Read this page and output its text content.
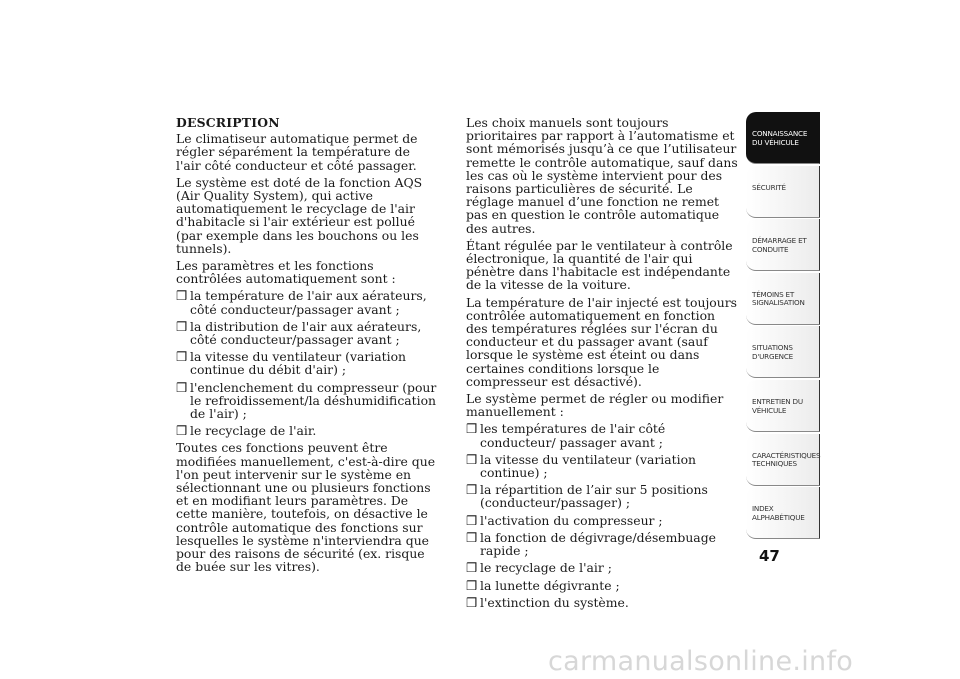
DESCRIPTION

Le climatiseur automatique permet de régler séparément la température de l'air côté conducteur et côté passager.

Le système est doté de la fonction AQS (Air Quality System), qui active automatiquement le recyclage de l'air d'habitacle si l'air extérieur est pollué (par exemple dans les bouchons ou les tunnels).

Les paramètres et les fonctions contrôlées automatiquement sont :

❒ la température de l'air aux aérateurs, côté conducteur/passager avant ;
❒ la distribution de l'air aux aérateurs, côté conducteur/passager avant ;
❒ la vitesse du ventilateur (variation continue du débit d'air) ;
❒ l'enclenchement du compresseur (pour le refroidissement/la déshumidification de l'air) ;
❒ le recyclage de l'air.

Toutes ces fonctions peuvent être modifiées manuellement, c'est-à-dire que l'on peut intervenir sur le système en sélectionnant une ou plusieurs fonctions et en modifiant leurs paramètres. De cette manière, toutefois, on désactive le contrôle automatique des fonctions sur lesquelles le système n'interviendra que pour des raisons de sécurité (ex. risque de buée sur les vitres).

Les choix manuels sont toujours prioritaires par rapport à l’automatisme et sont mémorisés jusqu’à ce que l’utilisateur remette le contrôle automatique, sauf dans les cas où le système intervient pour des raisons particulières de sécurité. Le réglage manuel d’une fonction ne remet pas en question le contrôle automatique des autres.

Étant régulée par le ventilateur à contrôle électronique, la quantité de l'air qui pénètre dans l'habitacle est indépendante de la vitesse de la voiture.

La température de l'air injecté est toujours contrôlée automatiquement en fonction des températures réglées sur l'écran du conducteur et du passager avant (sauf lorsque le système est éteint ou dans certaines conditions lorsque le compresseur est désactivé).

Le système permet de régler ou modifier manuellement :

❒ les températures de l'air côté conducteur/ passager avant ;
❒ la vitesse du ventilateur (variation continue) ;
❒ la répartition de l’air sur 5 positions (conducteur/passager) ;
❒ l'activation du compresseur ;
❒ la fonction de dégivrage/désembuage rapide ;
❒ le recyclage de l'air ;
❒ la lunette dégivrante ;
❒ l'extinction du système.
CONNAISSANCE DU VÉHICULE
SÉCURITÉ
DÉMARRAGE ET CONDUITE
TÉMOINS ET SIGNALISATION
SITUATIONS D'URGENCE
ENTRETIEN DU VÉHICULE
CARACTÉRISTIQUES TECHNIQUES
INDEX ALPHABÉTIQUE
47
carmanualsonline.info
